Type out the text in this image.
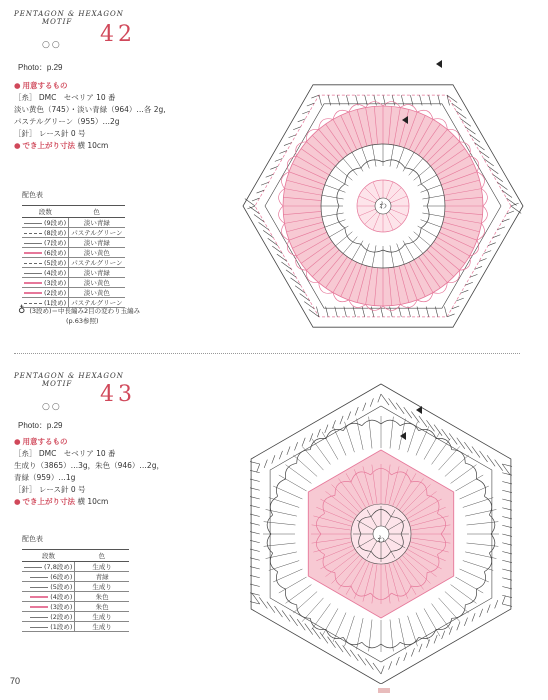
PENTAGON & HEXAGON
MOTIF
○○ 42
Photo：p.29
● 用意するもの
［糸］ DMC　セベリア 10 番
淡い黄色（745）・淡い青緑（964）…各 2g,
パステルグリーン（955）…2g
［針］ レース針 0 号
● でき上がり寸法 横 10cm
配色表
段数	色
(9段め)	淡い青緑
(8段め)	パステルグリーン
(7段め)	淡い青緑
(6段め)	淡い黄色
(5段め)	パステルグリーン
(4段め)	淡い青緑
(3段め)	淡い黄色
(2段め)	淡い黄色
(1段め)	パステルグリーン
♁ (3段め)＝中長編み2目の変わり玉編み
(p.63参照)
わ
PENTAGON & HEXAGON
MOTIF
○○ 43
Photo：p.29
● 用意するもの
［糸］ DMC　セベリア 10 番
生成り（3865）…3g，朱色（946）…2g，
青緑（959）…1g
［針］ レース針 0 号
● でき上がり寸法 横 10cm
配色表
段数	色
(7,8段め)	生成り
(6段め)	青緑
(5段め)	生成り
(4段め)	朱色
(3段め)	朱色
(2段め)	生成り
(1段め)	生成り
わ
70
